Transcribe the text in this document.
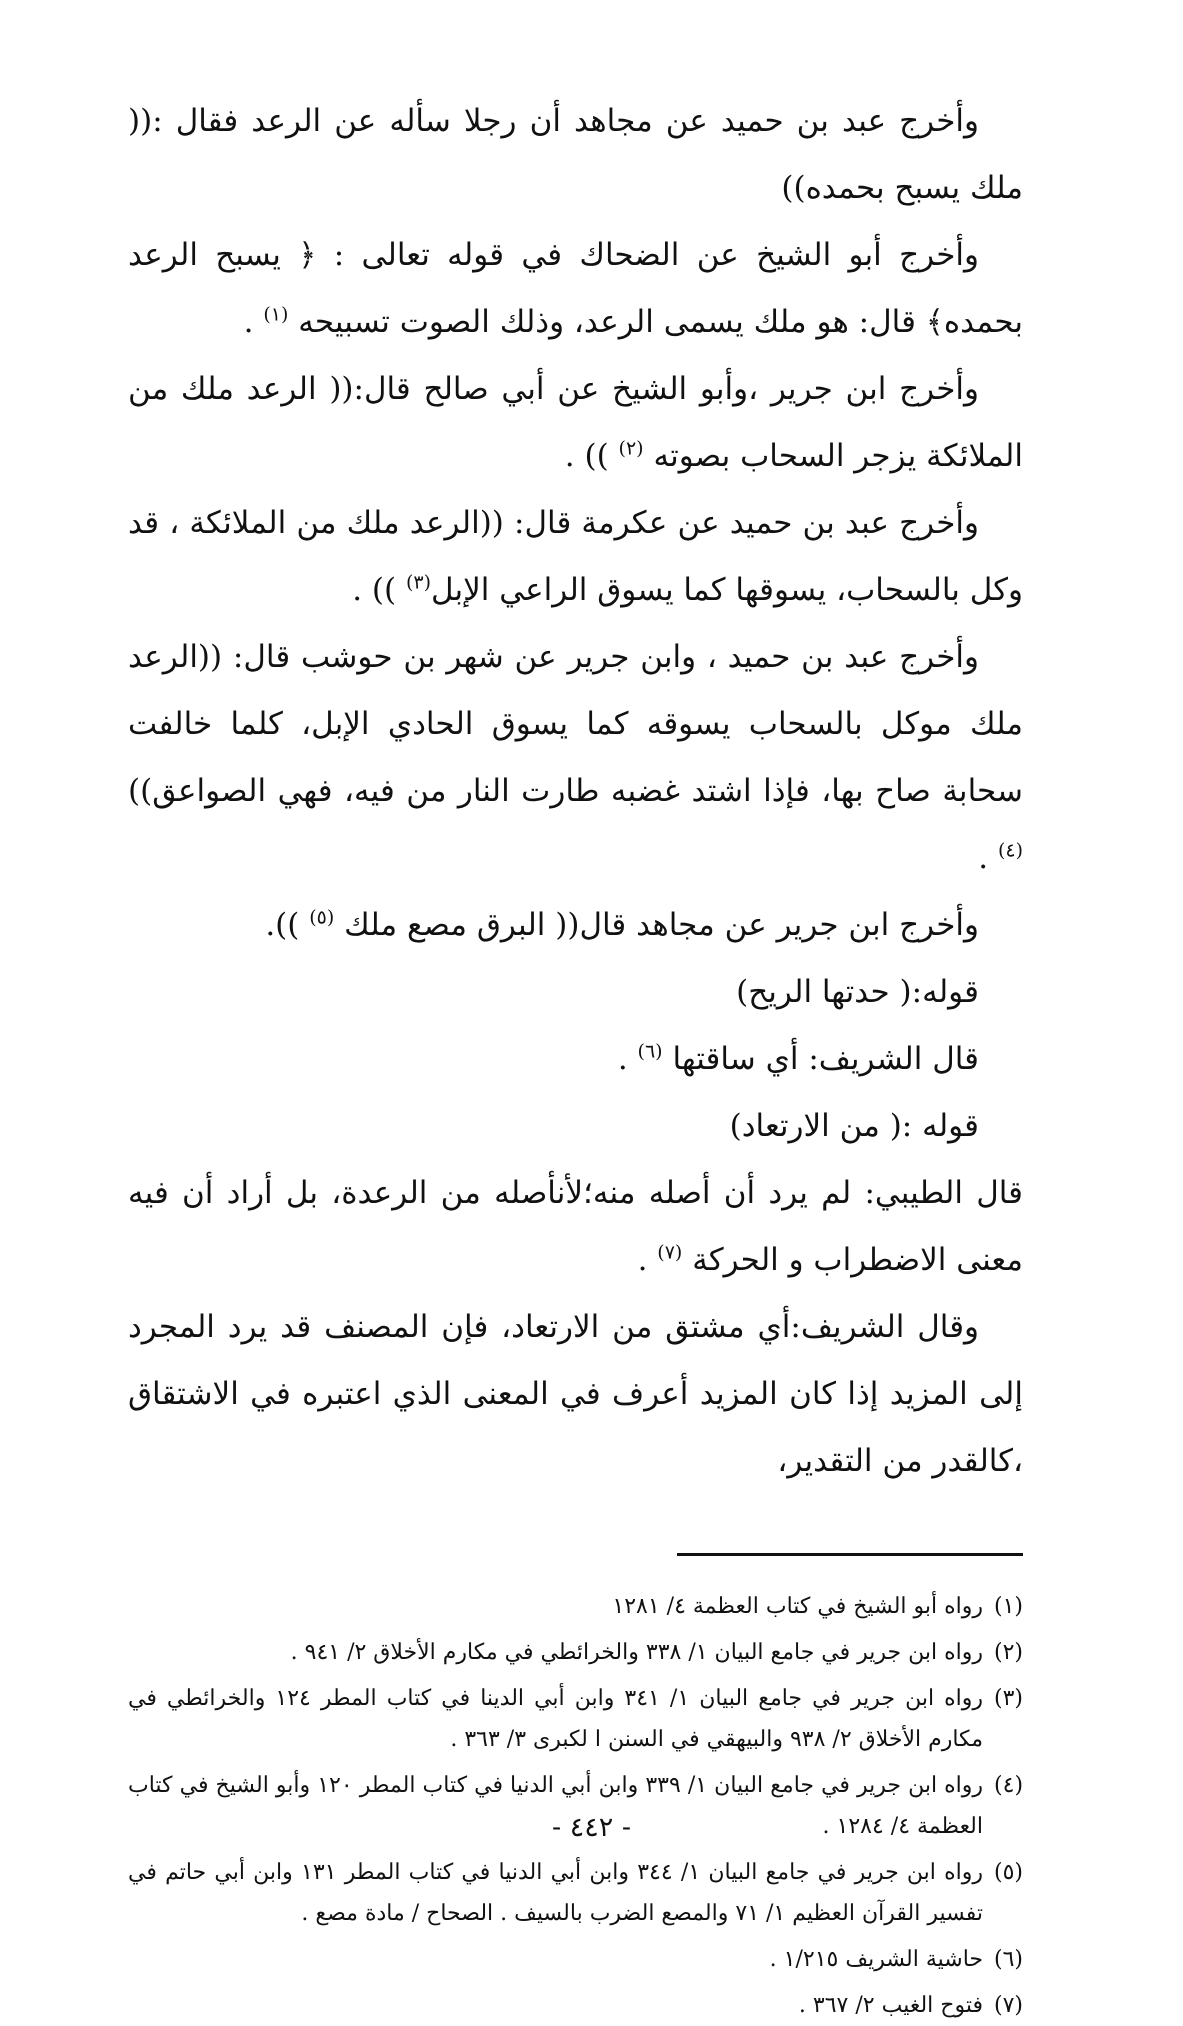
وأخرج عبد بن حميد عن مجاهد أن رجلا سأله عن الرعد فقال :(( ملك يسبح بحمده))

وأخرج أبو الشيخ عن الضحاك في قوله تعالى : ﴿ يسبح الرعد بحمده﴾ قال: هو ملك يسمى الرعد، وذلك الصوت تسبيحه $^{(١)}$ .

وأخرج ابن جرير ،وأبو الشيخ عن أبي صالح قال:(( الرعد ملك من الملائكة يزجر السحاب بصوته $^{(٢)}$ )) .

وأخرج عبد بن حميد عن عكرمة قال: ((الرعد ملك من الملائكة ، قد وكل بالسحاب، يسوقها كما يسوق الراعي الإبل$^{(٣)}$ )) .

وأخرج عبد بن حميد ، وابن جرير عن شهر بن حوشب قال: ((الرعد ملك موكل بالسحاب يسوقه كما يسوق الحادي الإبل، كلما خالفت سحابة صاح بها، فإذا اشتد غضبه طارت النار من فيه، فهي الصواعق)) $^{(٤)}$ .

وأخرج ابن جرير عن مجاهد قال(( البرق مصع ملك $^{(٥)}$ )).

قوله:( حدتها الريح)

قال الشريف: أي ساقتها $^{(٦)}$ .

قوله :( من الارتعاد)

قال الطيبي: لم يرد أن أصله منه؛لأنأصله من الرعدة، بل أراد أن فيه معنى الاضطراب و الحركة $^{(٧)}$ .

وقال الشريف:أي مشتق من الارتعاد، فإن المصنف قد يرد المجرد إلى المزيد إذا كان المزيد أعرف في المعنى الذي اعتبره في الاشتقاق ،كالقدر من التقدير،

(١)رواه أبو الشيخ في كتاب العظمة ٤/ ١٢٨١

(٢)رواه ابن جرير في جامع البيان ١/ ٣٣٨ والخرائطي في مكارم الأخلاق ٢/ ٩٤١ .

(٣)رواه ابن جرير في جامع البيان ١/ ٣٤١ وابن أبي الدينا في كتاب المطر ١٢٤ والخرائطي في مكارم الأخلاق ٢/ ٩٣٨ والبيهقي في السنن ا لكبرى ٣/ ٣٦٣ .

(٤)رواه ابن جرير في جامع البيان ١/ ٣٣٩ وابن أبي الدنيا في كتاب المطر ١٢٠ وأبو الشيخ في كتاب العظمة ٤/ ١٢٨٤ .

(٥)رواه ابن جرير في جامع البيان ١/ ٣٤٤ وابن أبي الدنيا في كتاب المطر ١٣١ وابن أبي حاتم في تفسير القرآن العظيم ١/ ٧١ والمصع الضرب بالسيف . الصحاح / مادة مصع .

(٦)حاشية الشريف ١/٢١٥ .

(٧)فتوح الغيب ٢/ ٣٦٧ .

- ٤٤٢ -
